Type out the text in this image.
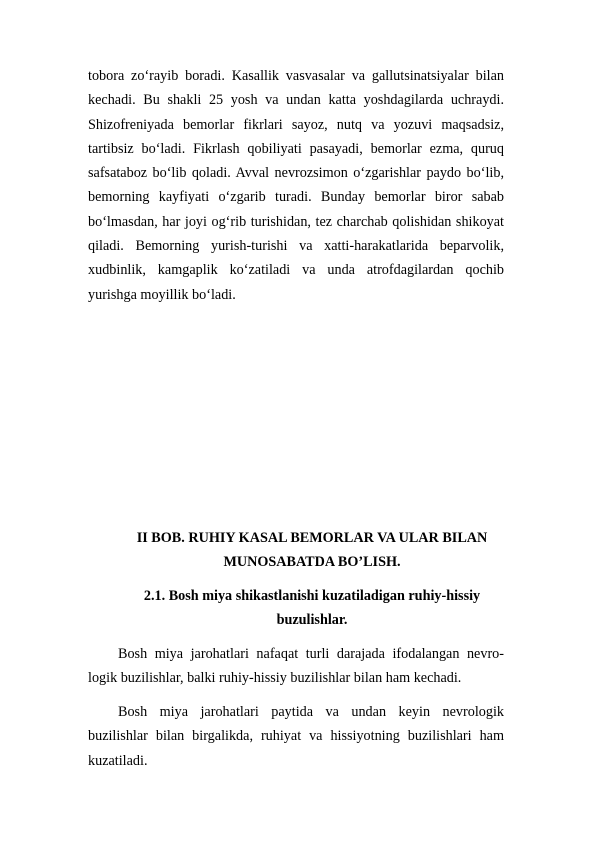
tobora zo‘rayib boradi. Kasallik vasvasalar va gallutsinatsiyalar bilan kechadi. Bu shakli 25 yosh va undan katta yoshdagilarda uchraydi. Shizofreniyada bemorlar fikrlari sayoz, nutq va yozuvi maqsadsiz, tartibsiz bo‘ladi. Fikrlash qobiliyati pasayadi, bemorlar ezma, quruq safsataboz bo‘lib qoladi. Avval nevrozsimon o‘zgarishlar paydo bo‘lib, bemorning kayfiyati o‘zgarib turadi. Bunday bemorlar biror sabab bo‘lmasdan, har joyi og‘rib turishidan, tez charchab qolishidan shikoyat qiladi. Bemorning yurish-turishi va xatti-harakatlarida beparvolik, xudbinlik, kamgaplik ko‘zatiladi va unda atrofdagilardan qochib yurishga moyillik bo‘ladi.
II BOB. RUHIY KASAL BEMORLAR VA ULAR BILAN MUNOSABATDA BO’LISH.
2.1. Bosh miya shikastlanishi kuzatiladigan ruhiy-hissiy buzulishlar.
Bosh miya jarohatlari nafaqat turli darajada ifodalangan nevro- logik buzilishlar, balki ruhiy-hissiy buzilishlar bilan ham kechadi.
Bosh miya jarohatlari paytida va undan keyin nevrologik buzilishlar bilan birgalikda, ruhiyat va hissiyotning buzilishlari ham kuzatiladi.
